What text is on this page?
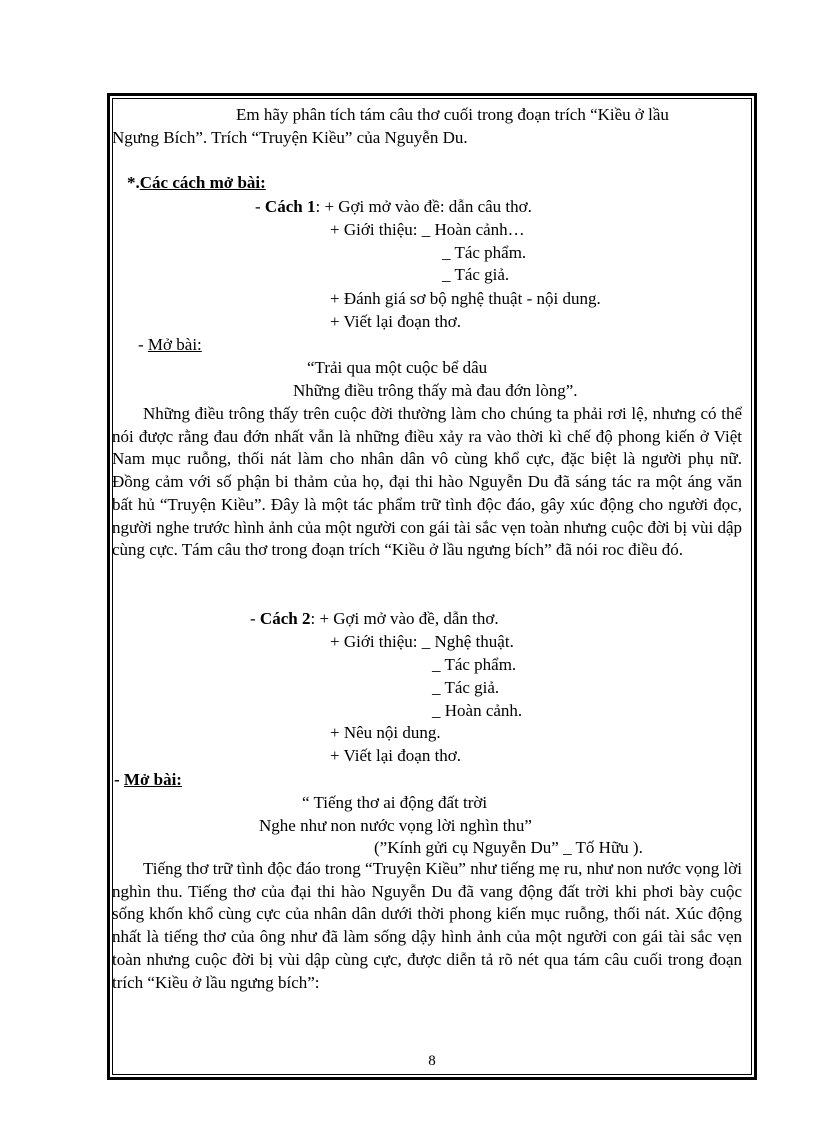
Em hãy phân tích tám câu thơ cuối trong đoạn trích “Kiều ở lầu
Ngưng Bích”. Trích “Truyện Kiều” của Nguyễn Du.
*.Các cách mở bài:
- Cách 1: + Gợi mở vào đề: dẫn câu thơ.
+ Giới thiệu: _ Hoàn cảnh…
_ Tác phẩm.
_ Tác giả.
+ Đánh giá sơ bộ nghệ thuật - nội dung.
+ Viết lại đoạn thơ.
- Mở bài:
“Trải qua một cuộc bể dâu
Những điều trông thấy mà đau đớn lòng”.
Những điều trông thấy trên cuộc đời thường làm cho chúng ta phải rơi lệ, nhưng có thể nói được rằng đau đớn nhất vẫn là những điều xảy ra vào thời kì chế độ phong kiến ở Việt Nam mục ruỗng, thối nát làm cho nhân dân vô cùng khổ cực, đặc biệt là người phụ nữ. Đồng cảm với số phận bi thảm của họ, đại thi hào Nguyễn Du đã sáng tác ra một áng văn bất hủ “Truyện Kiều”. Đây là một tác phẩm trữ tình độc đáo, gây xúc động cho người đọc, người nghe trước hình ảnh của một người con gái tài sắc vẹn toàn nhưng cuộc đời bị vùi dập cùng cực. Tám câu thơ trong đoạn trích “Kiều ở lầu ngưng bích” đã nói roc điều đó.
- Cách 2: + Gợi mở vào đề, dẫn thơ.
+ Giới thiệu: _ Nghệ thuật.
_ Tác phẩm.
_ Tác giả.
_ Hoàn cảnh.
+ Nêu nội dung.
+ Viết lại đoạn thơ.
- Mở bài:
“ Tiếng thơ ai động đất trời
Nghe như non nước vọng lời nghìn thu”
(”Kính gửi cụ Nguyễn Du” _ Tố Hữu ).
Tiếng thơ trữ tình độc đáo trong “Truyện Kiều” như tiếng mẹ ru, như non nước vọng lời nghìn thu. Tiếng thơ của đại thi hào Nguyễn Du đã vang động đất trời khi phơi bày cuộc sống khốn khổ cùng cực của nhân dân dưới thời phong kiến mục ruỗng, thối nát. Xúc động nhất là tiếng thơ của ông như đã làm sống dậy hình ảnh của một người con gái tài sắc vẹn toàn nhưng cuộc đời bị vùi dập cùng cực, được diễn tả rõ nét qua tám câu cuối trong đoạn trích “Kiều ở lầu ngưng bích”:
8
